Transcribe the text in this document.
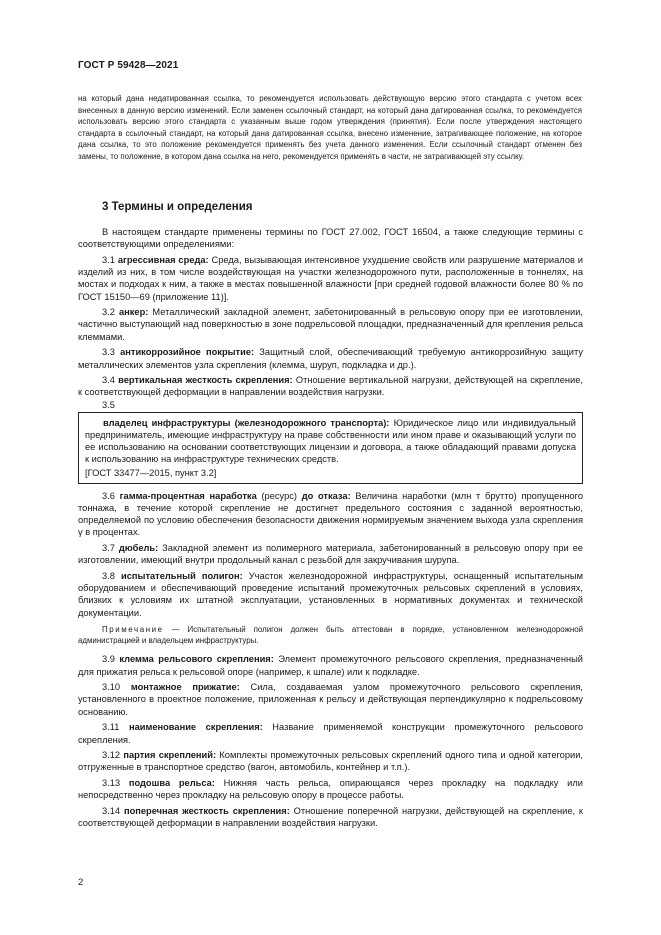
ГОСТ Р 59428—2021
на который дана недатированная ссылка, то рекомендуется использовать действующую версию этого стандарта с учетом всех внесенных в данную версию изменений. Если заменен ссылочный стандарт, на который дана датированная ссылка, то рекомендуется использовать версию этого стандарта с указанным выше годом утверждения (принятия). Если после утверждения настоящего стандарта в ссылочный стандарт, на который дана датированная ссылка, внесено изменение, затрагивающее положение, на которое дана ссылка, то это положение рекомендуется применять без учета данного изменения. Если ссылочный стандарт отменен без замены, то положение, в котором дана ссылка на него, рекомендуется применять в части, не затрагивающей эту ссылку.
3 Термины и определения

В настоящем стандарте применены термины по ГОСТ 27.002, ГОСТ 16504, а также следующие термины с соответствующими определениями:

3.1 агрессивная среда: Среда, вызывающая интенсивное ухудшение свойств или разрушение материалов и изделий из них, в том числе воздействующая на участки железнодорожного пути, расположенные в тоннелях, на мостах и подходах к ним, а также в местах повышенной влажности [при средней годовой влажности более 80 % по ГОСТ 15150—69 (приложение 11)].

3.2 анкер: Металлический закладной элемент, забетонированный в рельсовую опору при ее изготовлении, частично выступающий над поверхностью в зоне подрельсовой площадки, предназначенный для крепления рельса клеммами.

3.3 антикоррозийное покрытие: Защитный слой, обеспечивающий требуемую антикоррозийную защиту металлических элементов узла скрепления (клемма, шуруп, подкладка и др.).

3.4 вертикальная жесткость скрепления: Отношение вертикальной нагрузки, действующей на скрепление, к соответствующей деформации в направлении воздействия нагрузки.

3.5

владелец инфраструктуры (железнодорожного транспорта): Юридическое лицо или индивидуальный предприниматель, имеющие инфраструктуру на праве собственности или ином праве и оказывающий услуги по ее использованию на основании соответствующих лицензии и договора, а также обладающий правами допуска к использованию на инфраструктуре технических средств.
[ГОСТ 33477—2015, пункт 3.2]

3.6 гамма-процентная наработка (ресурс) до отказа: Величина наработки (млн т брутто) пропущенного тоннажа, в течение которой скрепление не достигнет предельного состояния с заданной вероятностью, определяемой по условию обеспечения безопасности движения нормируемым значением выхода узла скрепления γ в процентах.

3.7 дюбель: Закладной элемент из полимерного материала, забетонированный в рельсовую опору при ее изготовлении, имеющий внутри продольный канал с резьбой для закручивания шурупа.

3.8 испытательный полигон: Участок железнодорожной инфраструктуры, оснащенный испытательным оборудованием и обеспечивающий проведение испытаний промежуточных рельсовых скреплений в условиях, близких к условиям их штатной эксплуатации, установленных в нормативных документах и технической документации.

Примечание — Испытательный полигон должен быть аттестован в порядке, установленном железнодорожной администрацией и владельцем инфраструктуры.

3.9 клемма рельсового скрепления: Элемент промежуточного рельсового скрепления, предназначенный для прижатия рельса к рельсовой опоре (например, к шпале) или к подкладке.

3.10 монтажное прижатие: Сила, создаваемая узлом промежуточного рельсового скрепления, установленного в проектное положение, приложенная к рельсу и действующая перпендикулярно к подрельсовому основанию.

3.11 наименование скрепления: Название применяемой конструкции промежуточного рельсового скрепления.

3.12 партия скреплений: Комплекты промежуточных рельсовых скреплений одного типа и одной категории, отгруженные в транспортное средство (вагон, автомобиль, контейнер и т.п.).

3.13 подошва рельса: Нижняя часть рельса, опирающаяся через прокладку на подкладку или непосредственно через прокладку на рельсовую опору в процессе работы.

3.14 поперечная жесткость скрепления: Отношение поперечной нагрузки, действующей на скрепление, к соответствующей деформации в направлении воздействия нагрузки.

2
